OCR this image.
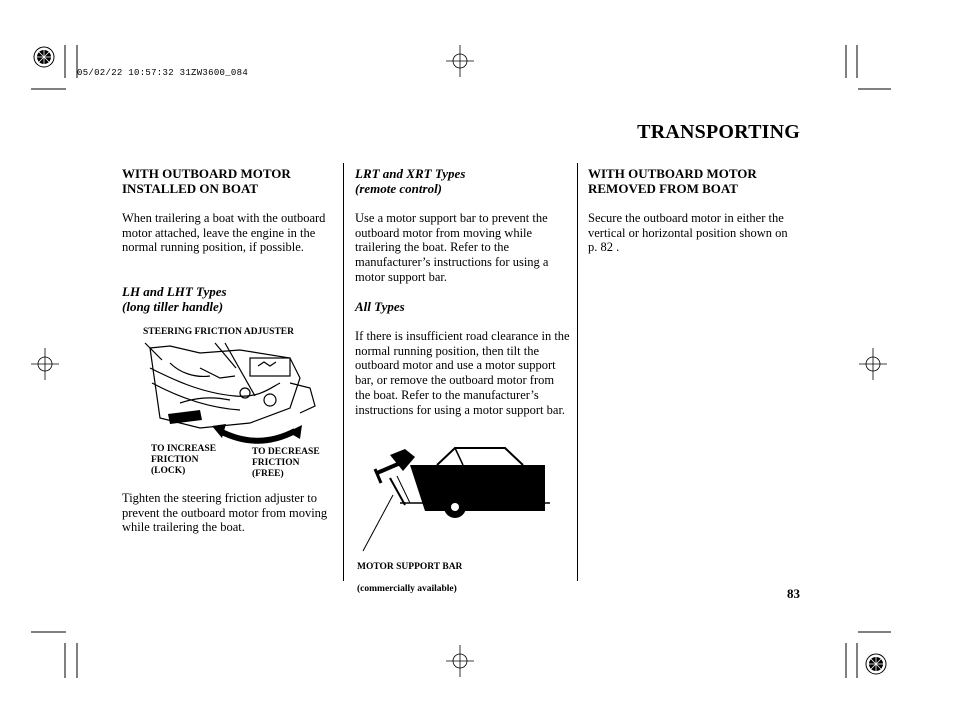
05/02/22 10:57:32 31ZW3600_084
TRANSPORTING
WITH OUTBOARD MOTOR
INSTALLED ON BOAT

When trailering a boat with the outboard motor attached, leave the engine in the normal running position, if possible.

LH and LHT Types
(long tiller handle)
STEERING FRICTION ADJUSTER
TO INCREASE
FRICTION
(LOCK)
TO DECREASE
FRICTION
(FREE)

Tighten the steering friction adjuster to prevent the outboard motor from moving while trailering the boat.

LRT and XRT Types
(remote control)

Use a motor support bar to prevent the outboard motor from moving while trailering the boat. Refer to the manufacturer’s instructions for using a motor support bar.

All Types

If there is insufficient road clearance in the normal running position, then tilt the outboard motor and use a motor support bar, or remove the outboard motor from the boat. Refer to the manufacturer’s instructions for using a motor support bar.

MOTOR SUPPORT BAR

(commercially available)

WITH OUTBOARD MOTOR
REMOVED FROM BOAT

Secure the outboard motor in either the vertical or horizontal position shown on p. 82 .

83
